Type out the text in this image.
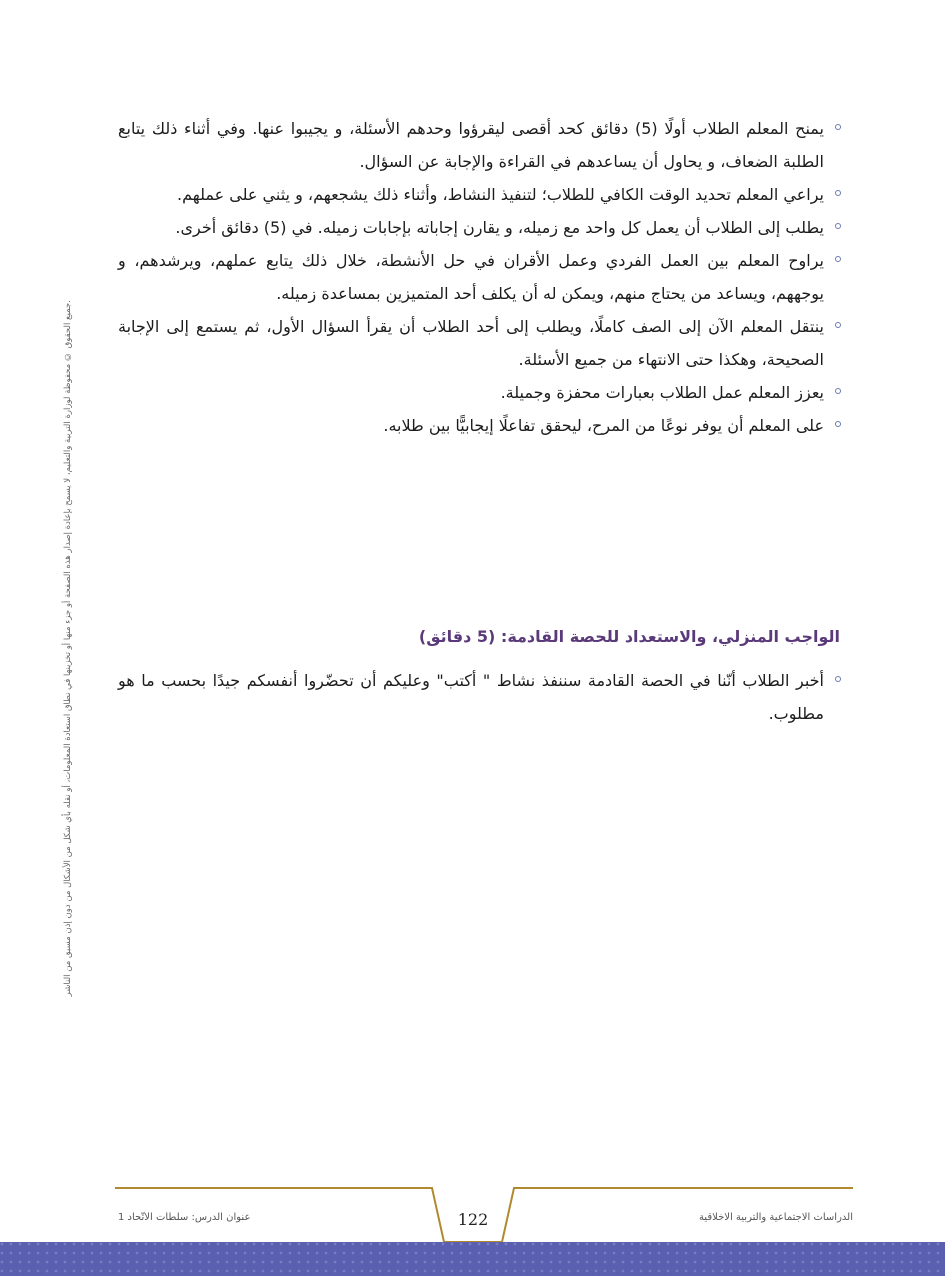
جميع الحقوق © محفوظة لوزارة التربية والتعليم، لا يسمح بإعادة إصدار هذه الصفحة أو جزء منها أو تخزينها في نطاق استعادة المعلومات، أو نقله بأي شكل من الأشكال من دون إذن مسبق من الناشر.
يمنح المعلم الطلاب أولًا (5) دقائق كحد أقصى ليقرؤوا وحدهم الأسئلة، و يجيبوا عنها. وفي أثناء ذلك يتابع الطلبة الضعاف، و يحاول أن يساعدهم في القراءة والإجابة عن السؤال.
يراعي المعلم تحديد الوقت الكافي للطلاب؛ لتنفيذ النشاط، وأثناء ذلك يشجعهم، و يثني على عملهم.
يطلب إلى الطلاب أن يعمل كل واحد مع زميله، و يقارن إجاباته بإجابات زميله. في (5) دقائق أخرى.
يراوح المعلم بين العمل الفردي وعمل الأقران في حل الأنشطة، خلال ذلك يتابع عملهم، ويرشدهم، و يوجههم، ويساعد من يحتاج منهم، ويمكن له أن يكلف أحد المتميزين بمساعدة زميله.
ينتقل المعلم الآن إلى الصف كاملًا، ويطلب إلى أحد الطلاب أن يقرأ السؤال الأول، ثم يستمع إلى الإجابة الصحيحة، وهكذا حتى الانتهاء من جميع الأسئلة.
يعزز المعلم عمل الطلاب بعبارات محفزة وجميلة.
على المعلم أن يوفر نوعًا من المرح، ليحقق تفاعلًا إيجابيًّا بين طلابه.
الواجب المنزلي، والاستعداد للحصة القادمة: (5 دقائق)
أخبر الطلاب أنّنا في الحصة القادمة سننفذ نشاط " أكتب" وعليكم أن تحضّروا أنفسكم جيدًا بحسب ما هو مطلوب.
عنوان الدرس: سلطات الاتّحاد 1	122	الدراسات الاجتماعية والتربية الاخلاقية
